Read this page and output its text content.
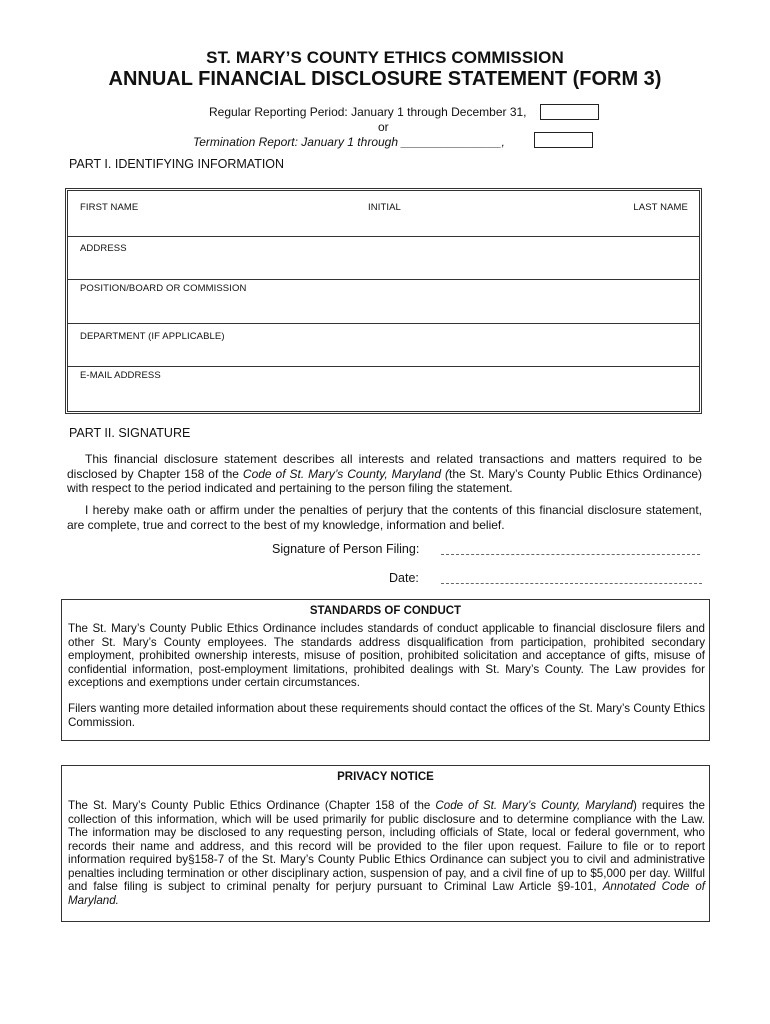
ST. MARY’S COUNTY ETHICS COMMISSION
ANNUAL FINANCIAL DISCLOSURE STATEMENT (FORM 3)
Regular Reporting Period: January 1 through December 31,
or
Termination Report: January 1 through _______________,
PART I. IDENTIFYING INFORMATION
FIRST NAME	INITIAL	LAST NAME
ADDRESS
POSITION/BOARD OR COMMISSION
DEPARTMENT (IF APPLICABLE)
E-MAIL ADDRESS
PART II. SIGNATURE
This financial disclosure statement describes all interests and related transactions and matters required to be disclosed by Chapter 158 of the Code of St. Mary’s County, Maryland (the St. Mary’s County Public Ethics Ordinance) with respect to the period indicated and pertaining to the person filing the statement.
I hereby make oath or affirm under the penalties of perjury that the contents of this financial disclosure statement, are complete, true and correct to the best of my knowledge, information and belief.
Signature of Person Filing:
Date:
STANDARDS OF CONDUCT
The St. Mary’s County Public Ethics Ordinance includes standards of conduct applicable to financial disclosure filers and other St. Mary’s County employees. The standards address disqualification from participation, prohibited secondary employment, prohibited ownership interests, misuse of position, prohibited solicitation and acceptance of gifts, misuse of confidential information, post-employment limitations, prohibited dealings with St. Mary’s County. The Law provides for exceptions and exemptions under certain circumstances.
Filers wanting more detailed information about these requirements should contact the offices of the St. Mary’s County Ethics Commission.
PRIVACY NOTICE
The St. Mary’s County Public Ethics Ordinance (Chapter 158 of the Code of St. Mary’s County, Maryland) requires the collection of this information, which will be used primarily for public disclosure and to determine compliance with the Law. The information may be disclosed to any requesting person, including officials of State, local or federal government, who records their name and address, and this record will be provided to the filer upon request. Failure to file or to report information required by§158-7 of the St. Mary’s County Public Ethics Ordinance can subject you to civil and administrative penalties including termination or other disciplinary action, suspension of pay, and a civil fine of up to $5,000 per day. Willful and false filing is subject to criminal penalty for perjury pursuant to Criminal Law Article §9-101, Annotated Code of Maryland.
